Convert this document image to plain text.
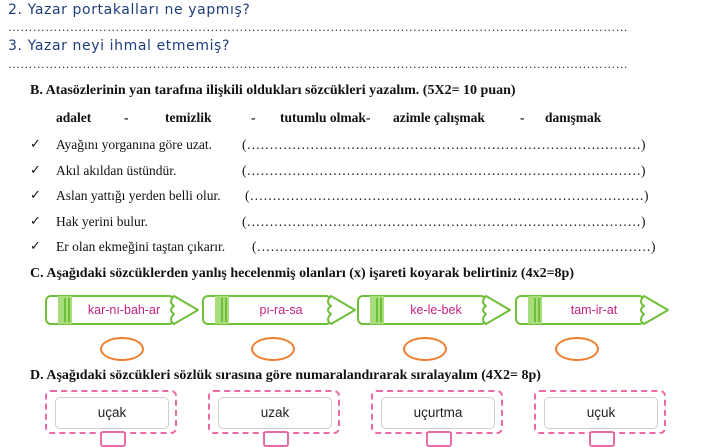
2. Yazar portakalları ne yapmış?
……………………………………………………………………………………………………………………………………
3. Yazar neyi ihmal etmemiş?
……………………………………………………………………………………………………………………………………
B. Atasözlerinin yan tarafına ilişkili oldukları sözcükleri yazalım. (5X2= 10 puan)
adalet -	temizlik	- tutumlu olmak - azimle çalışmak	- danışmak
✓ Ayağını yorganına göre uzat. (……………………………………………………………………………)
✓ Akıl akıldan üstündür.	(……………………………………………………………………………)
✓ Aslan yattığı yerden belli olur. (……………………………………………………………………………)
✓ Hak yerini bulur.	(……………………………………………………………………………)
✓ Er olan ekmeğini taştan çıkarır. (……………………………………………………………………………)
C. Aşağıdaki sözcüklerden yanlış hecelenmiş olanları (x) işareti koyarak belirtiniz (4x2=8p)
kar-nı-bah-ar	pı-ra-sa	ke-le-bek	tam-ir-at
D. Aşağıdaki sözcükleri sözlük sırasına göre numaralandırarak sıralayalım (4X2= 8p)
uçak	uzak	uçurtma	uçuk
